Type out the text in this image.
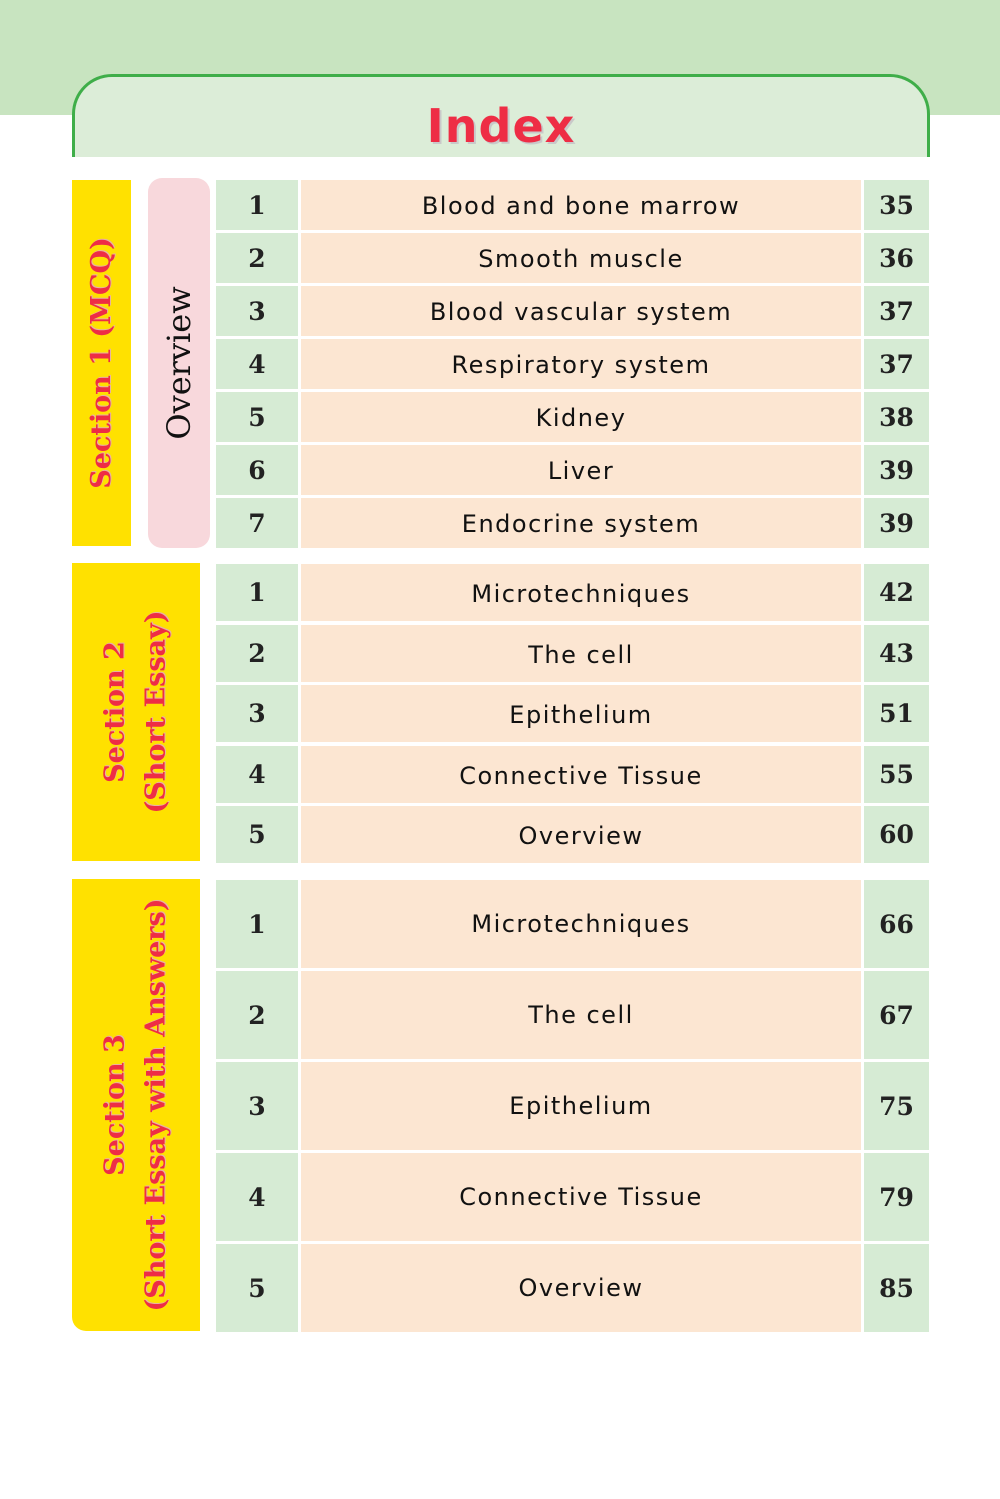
Index
Section 1 (MCQ) Overview
Section 2 (Short Essay)
Section 3 (Short Essay with Answers)
1	Blood and bone marrow	35
2	Smooth muscle	36
3	Blood vascular system	37
4	Respiratory system	37
5	Kidney	38
6	Liver	39
7	Endocrine system	39
1	Microtechniques	42
2	The cell	43
3	Epithelium	51
4	Connective Tissue	55
5	Overview	60
1	Microtechniques	66
2	The cell	67
3	Epithelium	75
4	Connective Tissue	79
5	Overview	85
